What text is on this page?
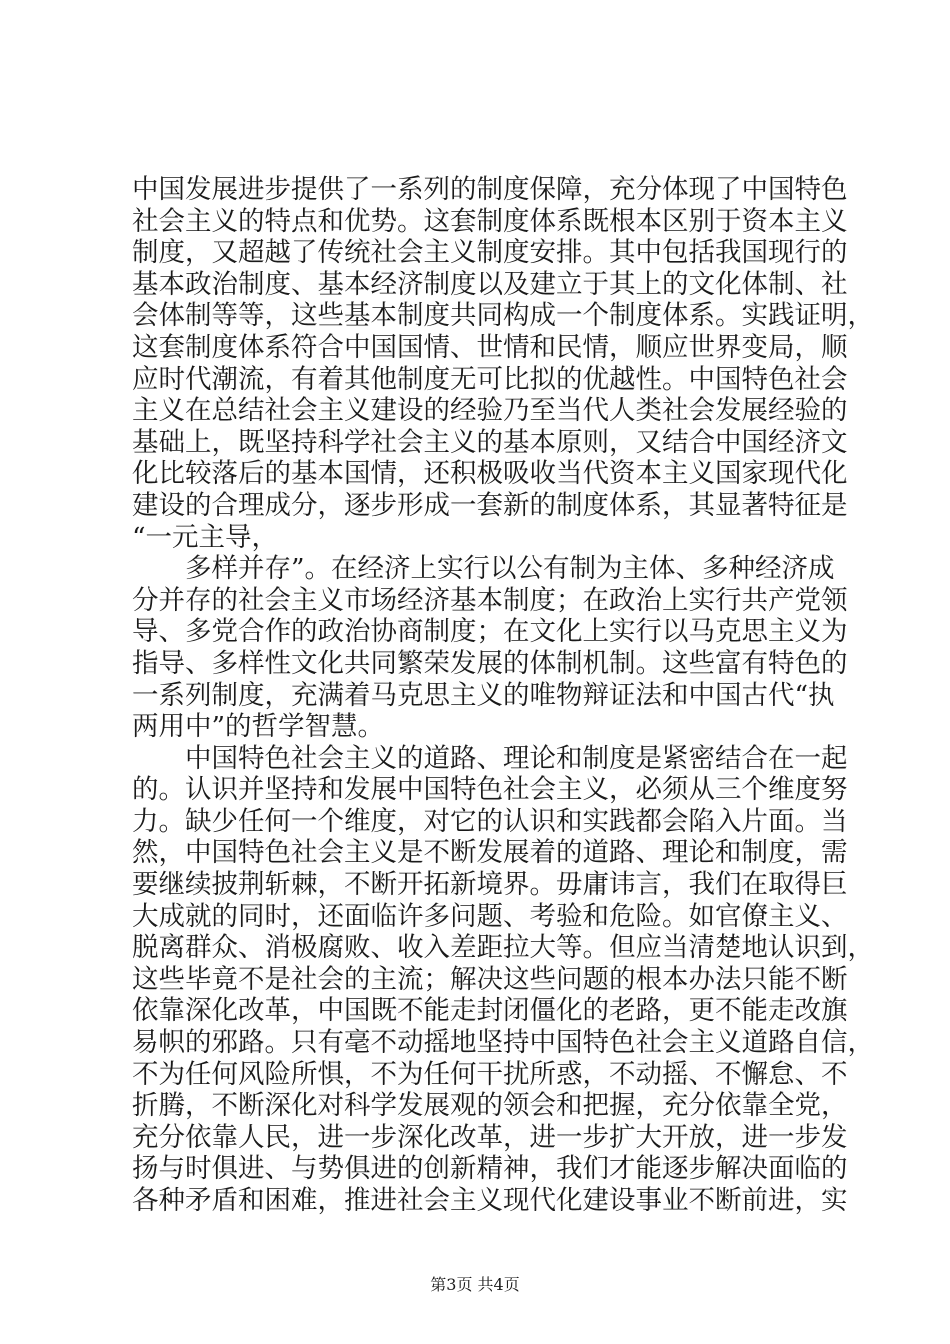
中国发展进步提供了一系列的制度保障，充分体现了中国特色
社会主义的特点和优势。这套制度体系既根本区别于资本主义
制度，又超越了传统社会主义制度安排。其中包括我国现行的
基本政治制度、基本经济制度以及建立于其上的文化体制、社
会体制等等，这些基本制度共同构成一个制度体系。实践证明，
这套制度体系符合中国国情、世情和民情，顺应世界变局，顺
应时代潮流，有着其他制度无可比拟的优越性。中国特色社会
主义在总结社会主义建设的经验乃至当代人类社会发展经验的
基础上，既坚持科学社会主义的基本原则，又结合中国经济文
化比较落后的基本国情，还积极吸收当代资本主义国家现代化
建设的合理成分，逐步形成一套新的制度体系，其显著特征是
“一元主导，
多样并存”。在经济上实行以公有制为主体、多种经济成
分并存的社会主义市场经济基本制度；在政治上实行共产党领
导、多党合作的政治协商制度；在文化上实行以马克思主义为
指导、多样性文化共同繁荣发展的体制机制。这些富有特色的
一系列制度，充满着马克思主义的唯物辩证法和中国古代“执
两用中”的哲学智慧。
中国特色社会主义的道路、理论和制度是紧密结合在一起
的。认识并坚持和发展中国特色社会主义，必须从三个维度努
力。缺少任何一个维度，对它的认识和实践都会陷入片面。当
然，中国特色社会主义是不断发展着的道路、理论和制度，需
要继续披荆斩棘，不断开拓新境界。毋庸讳言，我们在取得巨
大成就的同时，还面临许多问题、考验和危险。如官僚主义、
脱离群众、消极腐败、收入差距拉大等。但应当清楚地认识到，
这些毕竟不是社会的主流；解决这些问题的根本办法只能不断
依靠深化改革，中国既不能走封闭僵化的老路，更不能走改旗
易帜的邪路。只有毫不动摇地坚持中国特色社会主义道路自信，
不为任何风险所惧，不为任何干扰所惑，不动摇、不懈怠、不
折腾，不断深化对科学发展观的领会和把握，充分依靠全党，
充分依靠人民，进一步深化改革，进一步扩大开放，进一步发
扬与时俱进、与势俱进的创新精神，我们才能逐步解决面临的
各种矛盾和困难，推进社会主义现代化建设事业不断前进，实
第3页 共4页
